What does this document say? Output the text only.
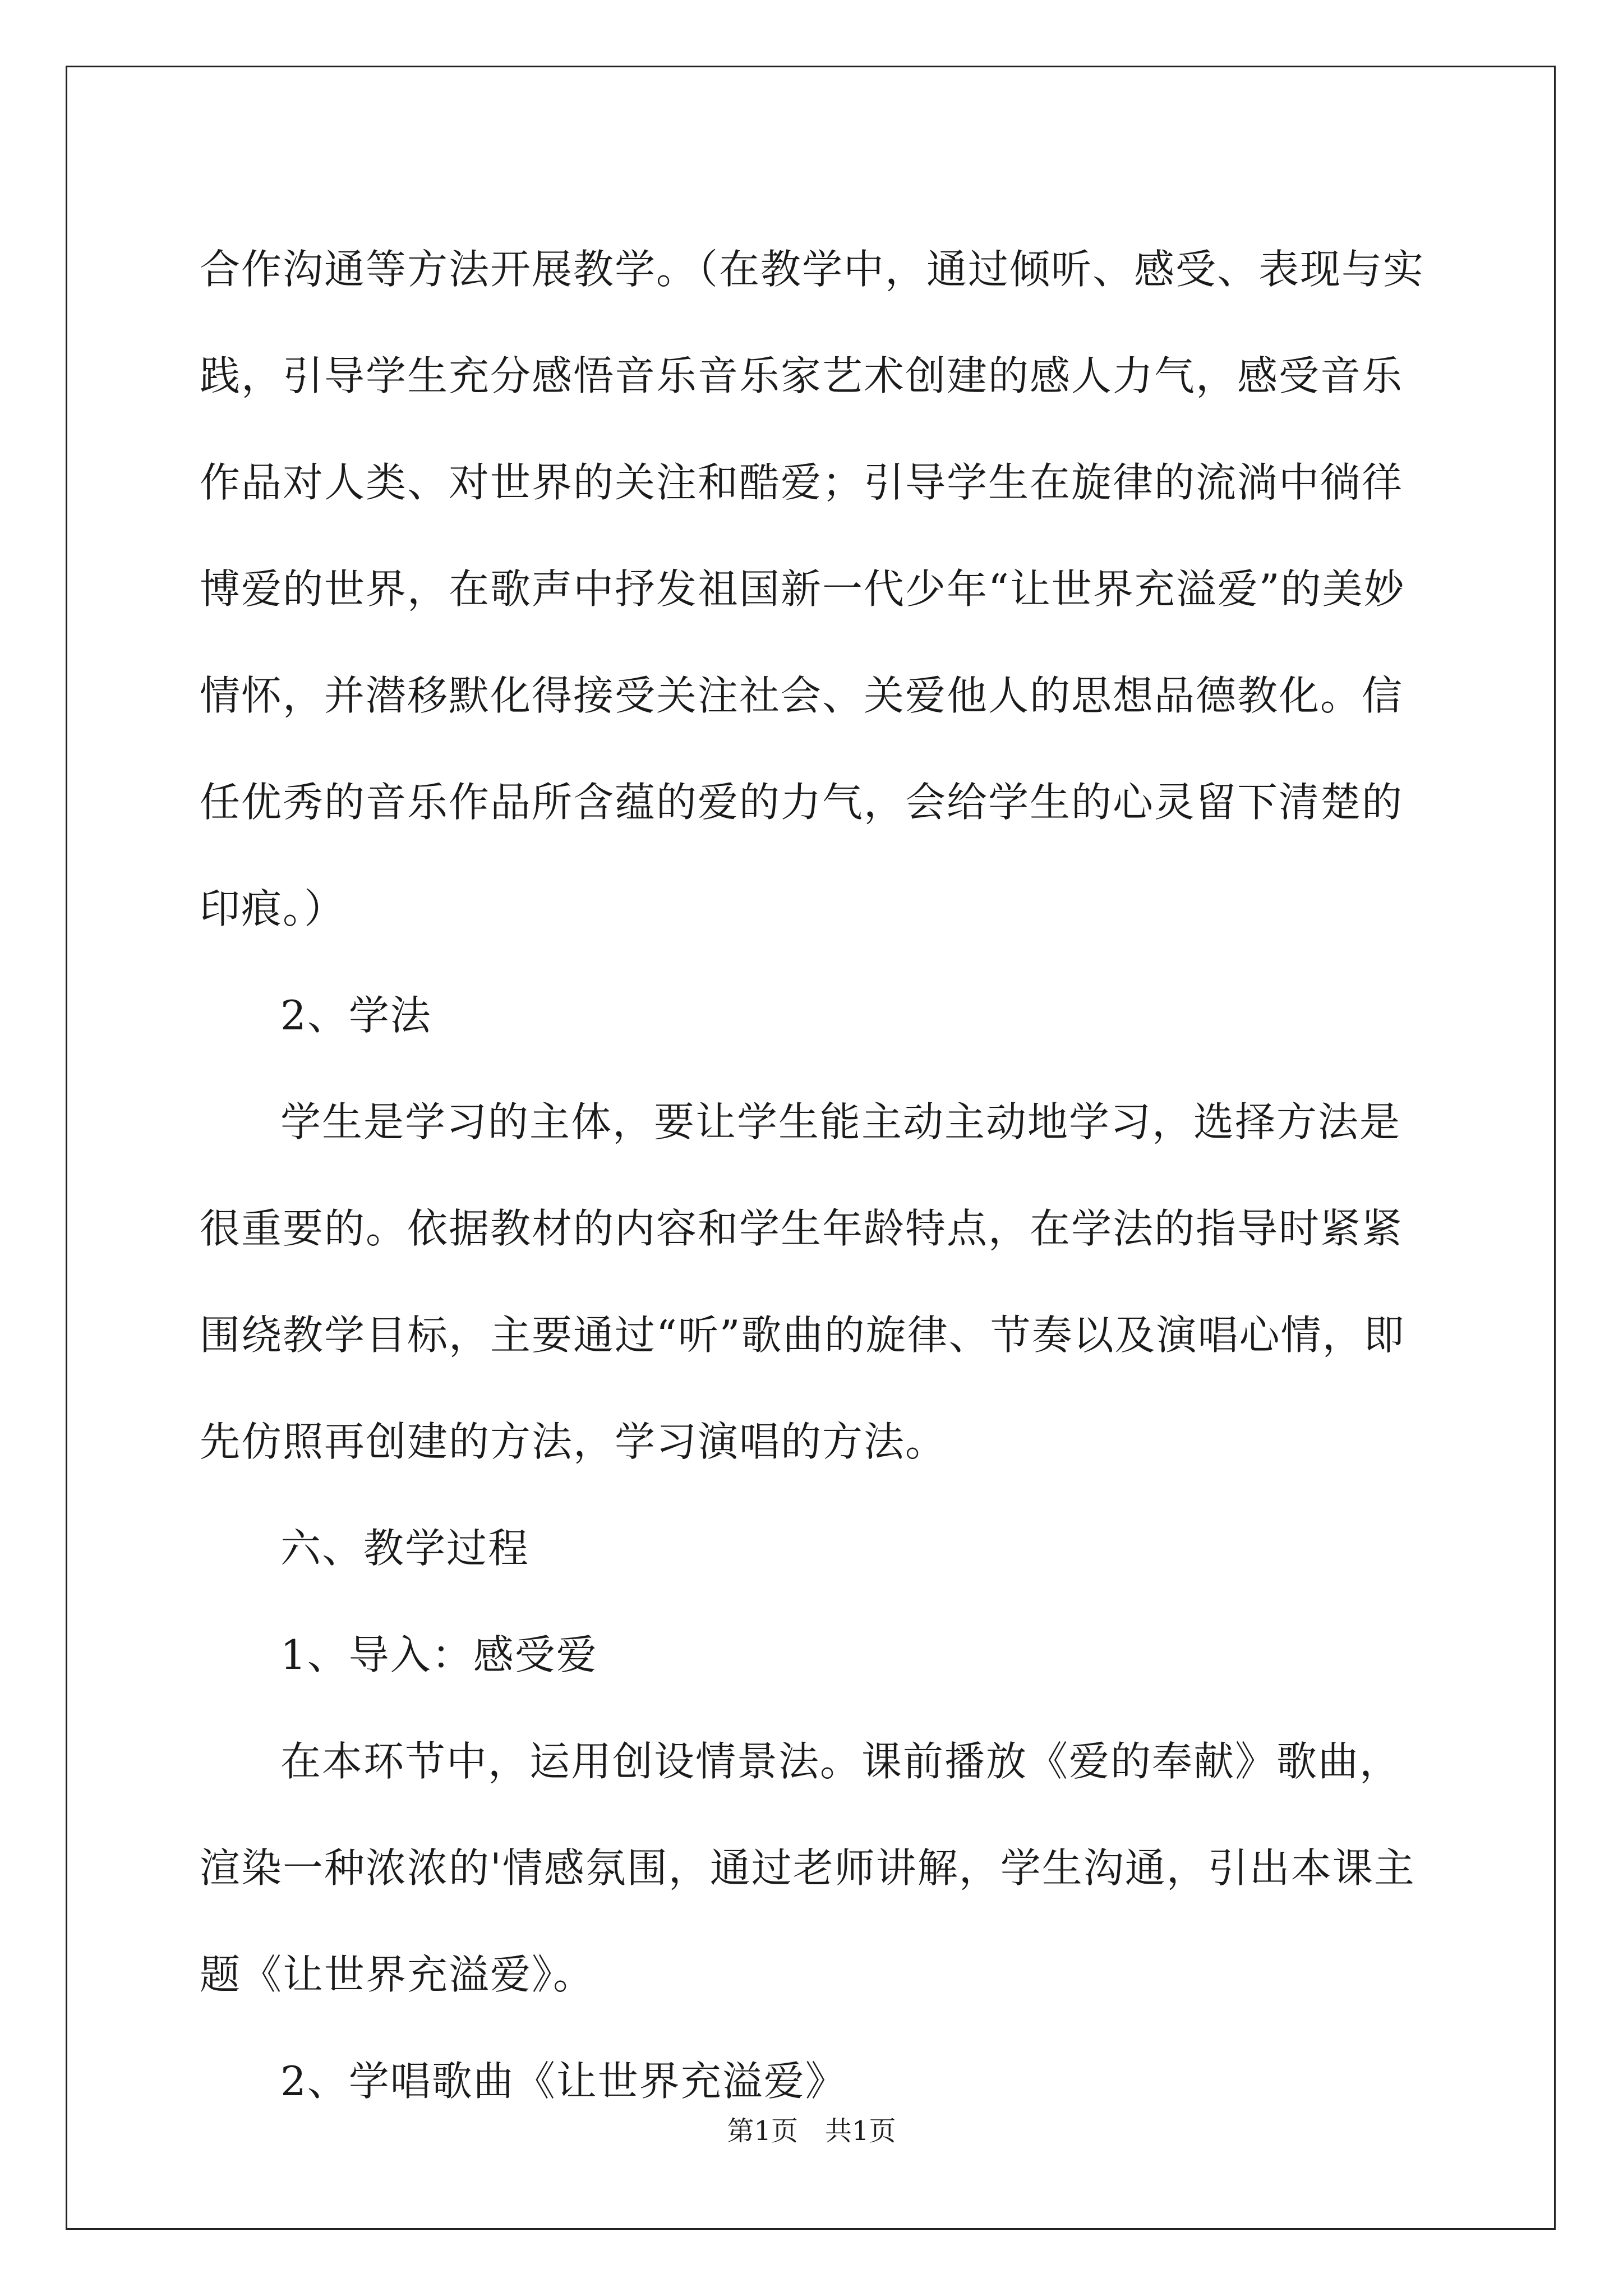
合作沟通等方法开展教学。（在教学中，通过倾听、感受、表现与实践，引导学生充分感悟音乐音乐家艺术创建的感人力气，感受音乐作品对人类、对世界的关注和酷爱；引导学生在旋律的流淌中徜徉博爱的世界，在歌声中抒发祖国新一代少年“让世界充溢爱”的美妙情怀，并潜移默化得接受关注社会、关爱他人的思想品德教化。信任优秀的音乐作品所含蕴的爱的力气，会给学生的心灵留下清楚的印痕。）

2、学法

学生是学习的主体，要让学生能主动主动地学习，选择方法是很重要的。依据教材的内容和学生年龄特点，在学法的指导时紧紧围绕教学目标，主要通过“听”歌曲的旋律、节奏以及演唱心情，即先仿照再创建的方法，学习演唱的方法。

六、教学过程

1、导入：感受爱

在本环节中，运用创设情景法。课前播放《爱的奉献》歌曲，渲染一种浓浓的'情感氛围，通过老师讲解，学生沟通，引出本课主题《让世界充溢爱》。

2、学唱歌曲《让世界充溢爱》

第1页　共1页
